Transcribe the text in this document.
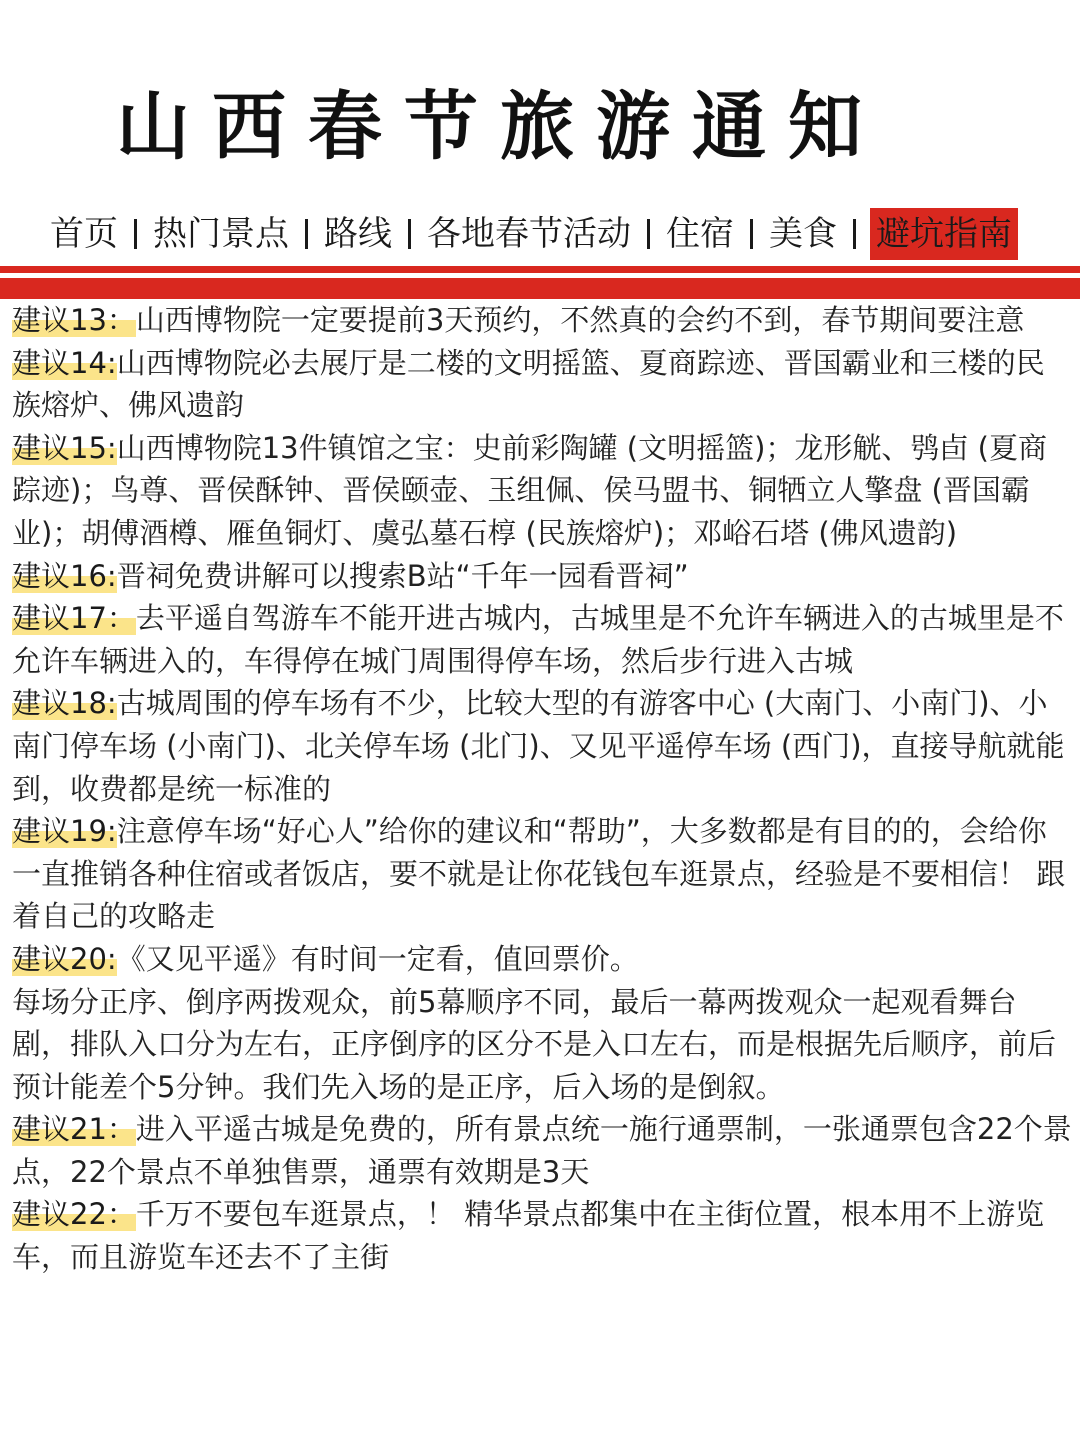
山西春节旅游通知
首页 热门景点 路线 各地春节活动 住宿 美食 避坑指南

建议13：山西博物院一定要提前3天预约，不然真的会约不到，春节期间要注意

建议14:山西博物院必去展厅是二楼的文明摇篮、夏商踪迹、晋国霸业和三楼的民族熔炉、佛风遗韵

建议15:山西博物院13件镇馆之宝：史前彩陶罐 (文明摇篮)；龙形觥、鸮卣 (夏商踪迹)；鸟尊、晋侯酥钟、晋侯颐壶、玉组佩、侯马盟书、铜牺立人擎盘 (晋国霸业)；胡傅酒樽、雁鱼铜灯、虞弘墓石椁 (民族熔炉)；邓峪石塔 (佛风遗韵)

建议16:晋祠免费讲解可以搜索B站“千年一园看晋祠”

建议17：去平遥自驾游车不能开进古城内，古城里是不允许车辆进入的古城里是不允许车辆进入的，车得停在城门周围得停车场，然后步行进入古城

建议18:古城周围的停车场有不少，比较大型的有游客中心 (大南门、小南门)、小南门停车场 (小南门)、北关停车场 (北门)、又见平遥停车场 (西门)，直接导航就能到，收费都是统一标准的

建议19:注意停车场“好心人”给你的建议和“帮助”，大多数都是有目的的，会给你一直推销各种住宿或者饭店，要不就是让你花钱包车逛景点，经验是不要相信！ 跟着自己的攻略走

建议20:《又见平遥》有时间一定看，值回票价。

每场分正序、倒序两拨观众，前5幕顺序不同，最后一幕两拨观众一起观看舞台剧，排队入口分为左右，正序倒序的区分不是入口左右，而是根据先后顺序，前后预计能差个5分钟。我们先入场的是正序，后入场的是倒叙。

建议21：进入平遥古城是免费的，所有景点统一施行通票制，一张通票包含22个景点，22个景点不单独售票，通票有效期是3天

建议22：千万不要包车逛景点，！ 精华景点都集中在主街位置，根本用不上游览车，而且游览车还去不了主街
